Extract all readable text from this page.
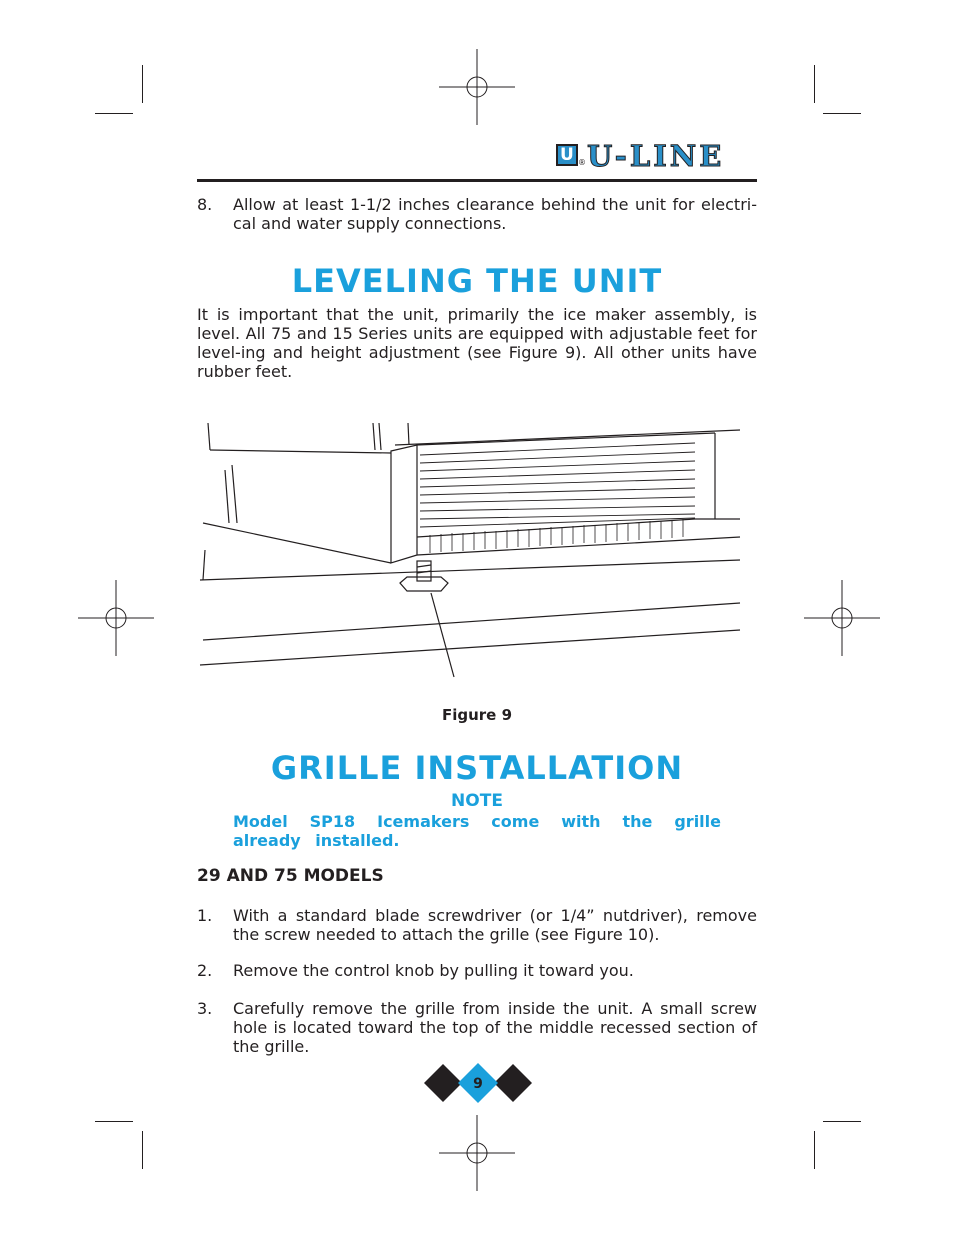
U ® U-LINE
8. Allow at least 1-1/2 inches clearance behind the unit for electri-cal and water supply connections.
LEVELING THE UNIT
It is important that the unit, primarily the ice maker assembly, is level. All 75 and 15 Series units are equipped with adjustable feet for level-ing and height adjustment (see Figure 9). All other units have rubber feet.
Figure 9
GRILLE INSTALLATION
NOTE
Model SP18 Icemakers come with the grille already installed.
29 AND 75 MODELS
1. With a standard blade screwdriver (or 1/4” nutdriver), remove the screw needed to attach the grille (see Figure 10).
2. Remove the control knob by pulling it toward you.
3. Carefully remove the grille from inside the unit. A small screw hole is located toward the top of the middle recessed section of the grille.
9
